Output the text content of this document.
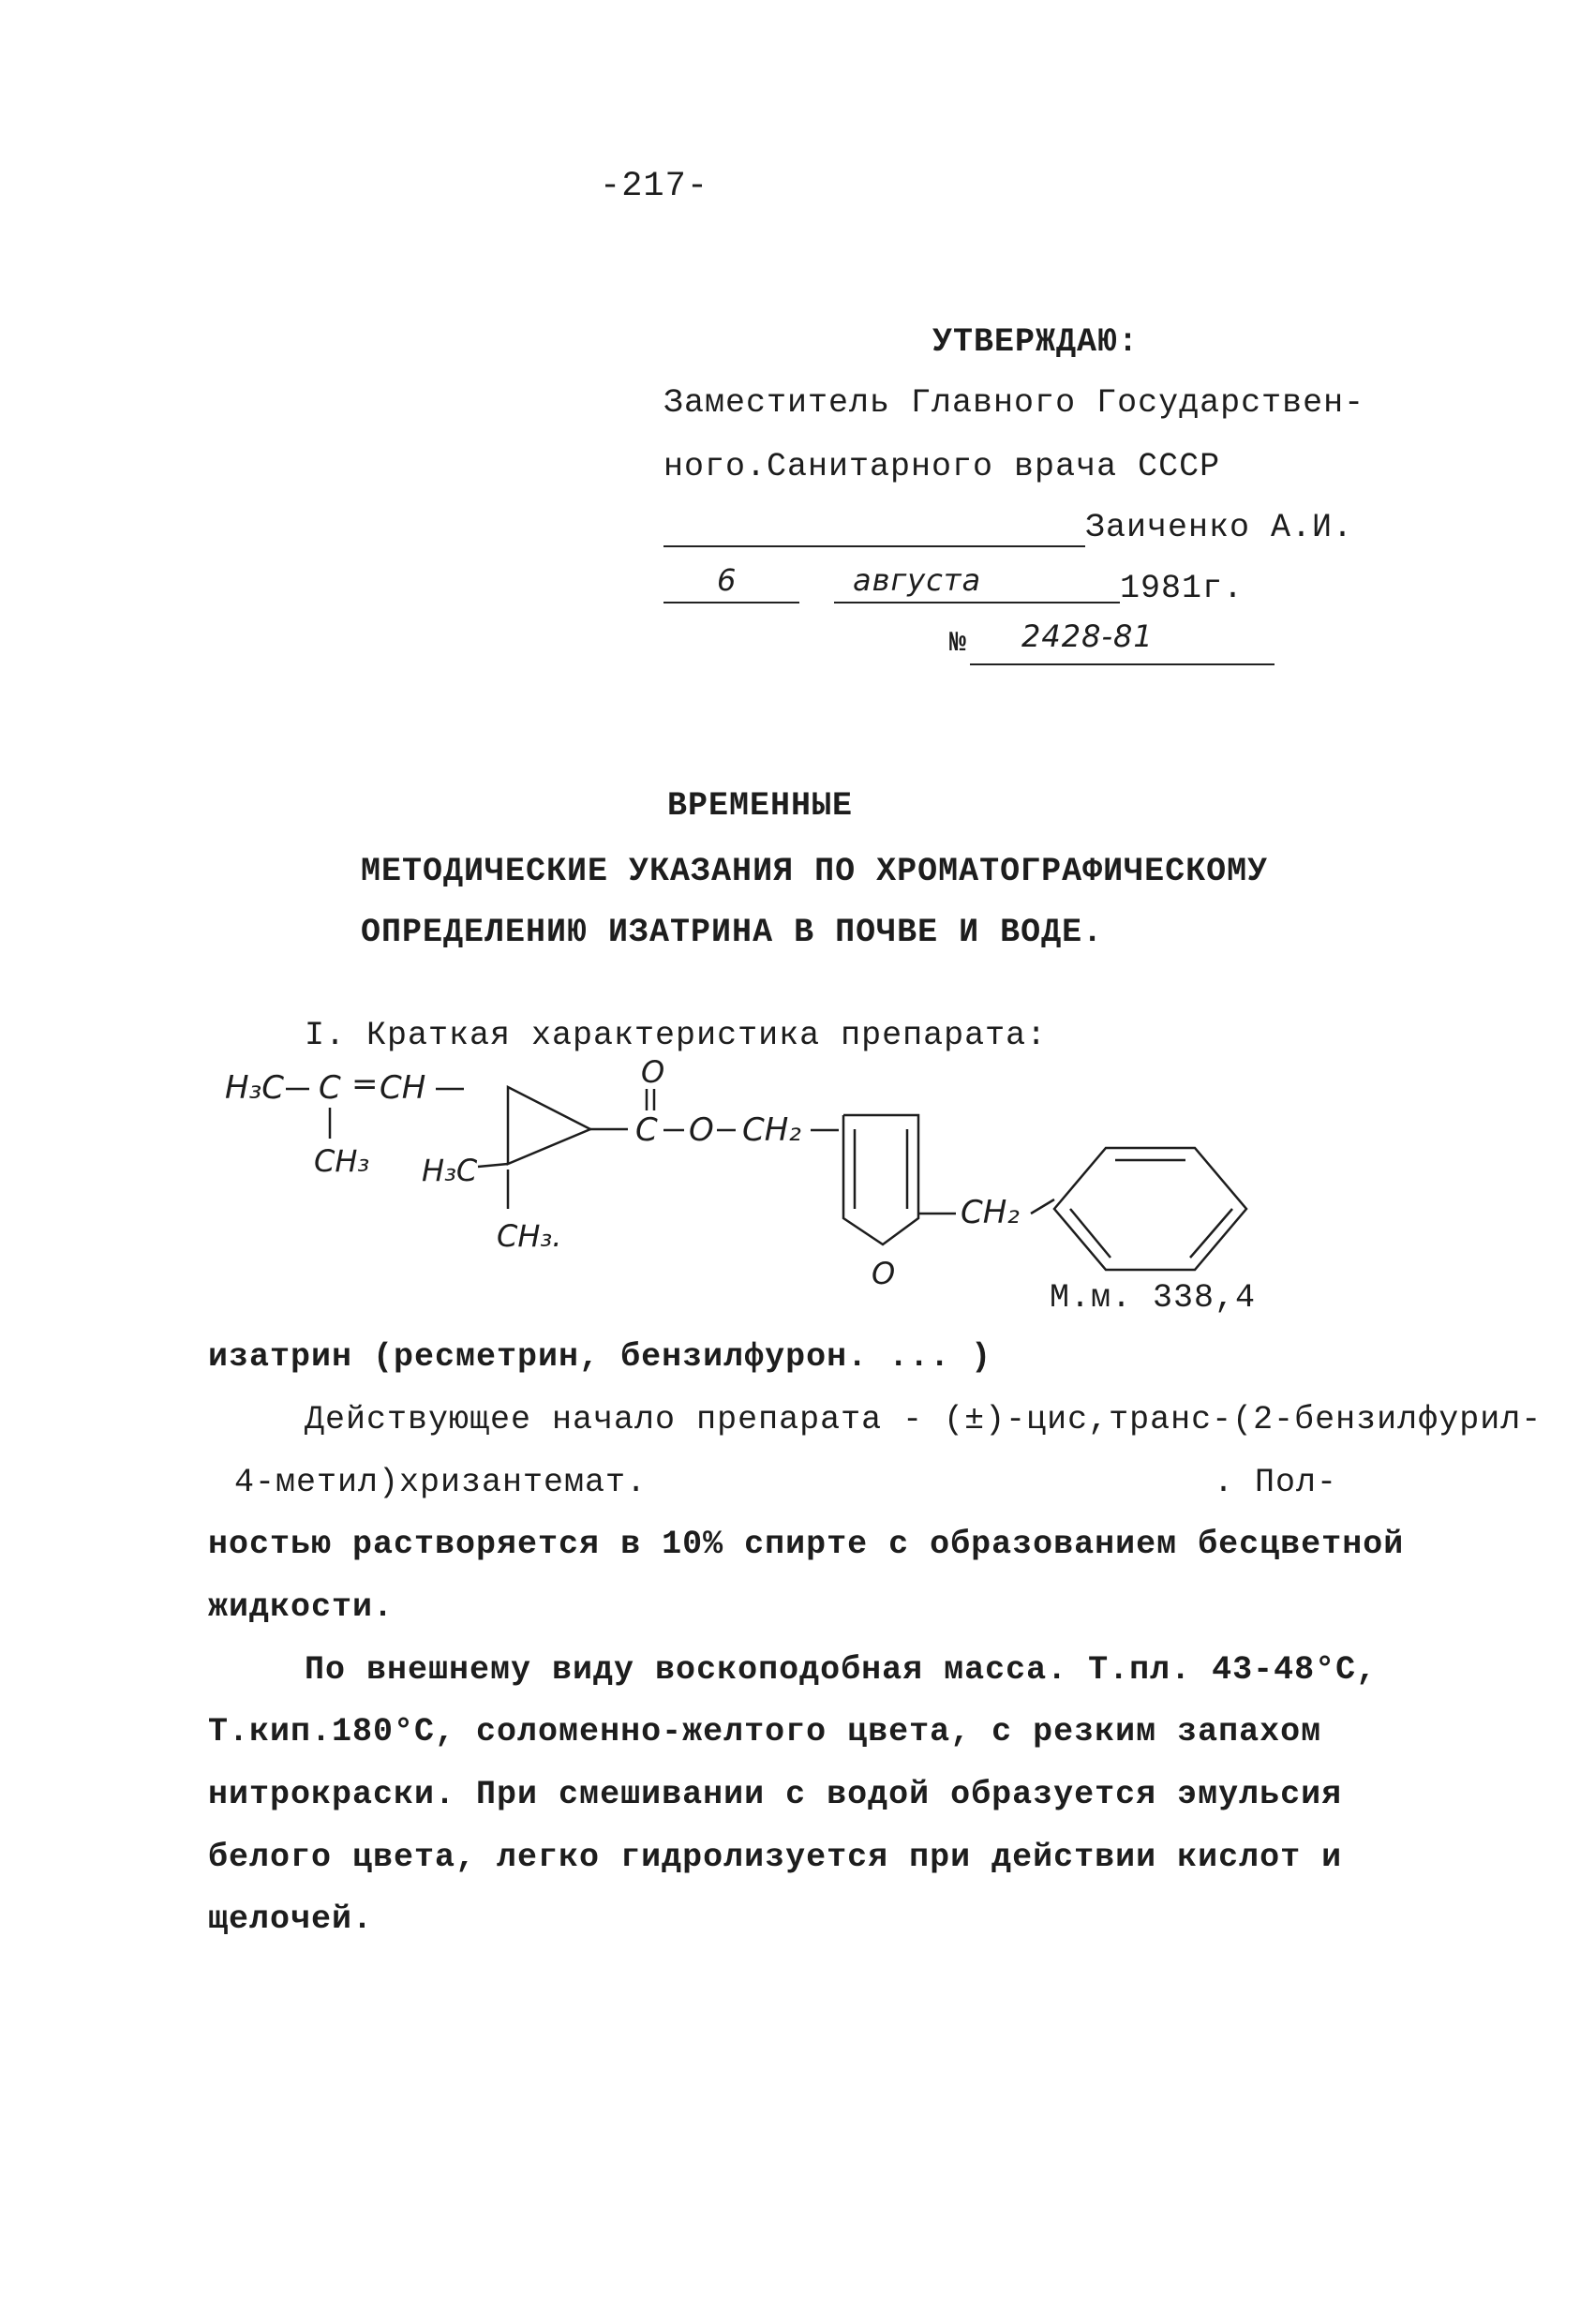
-217-
УТВЕРЖДАЮ:
Заместитель Главного Государствен-
ного.Санитарного врача СССР
Заиченко А.И.
6	августа	1981г.
№ 2428-81
ВРЕМЕННЫЕ
МЕТОДИЧЕСКИЕ УКАЗАНИЯ ПО ХРОМАТОГРАФИЧЕСКОМУ
ОПРЕДЕЛЕНИЮ ИЗАТРИНА В ПОЧВЕ И ВОДЕ.
I. Краткая характеристика препарата:
H₃C C = CH
CH₃ H₃C
CH₃.
O
C O CH₂
O
CH₂
М.м. 338,4
изатрин (ресметрин, бензилфурон. ... )
Действующее начало препарата - (±)-цис,транс-(2-бензилфурил-
4-метил)хризантемат.	. Пол-
ностью растворяется в 10% спирте с образованием бесцветной
жидкости.
По внешнему виду воскоподобная масса. Т.пл. 43-48°С,
Т.кип.180°С, соломенно-желтого цвета, с резким запахом
нитрокраски. При смешивании с водой образуется эмульсия
белого цвета, легко гидролизуется при действии кислот и
щелочей.
